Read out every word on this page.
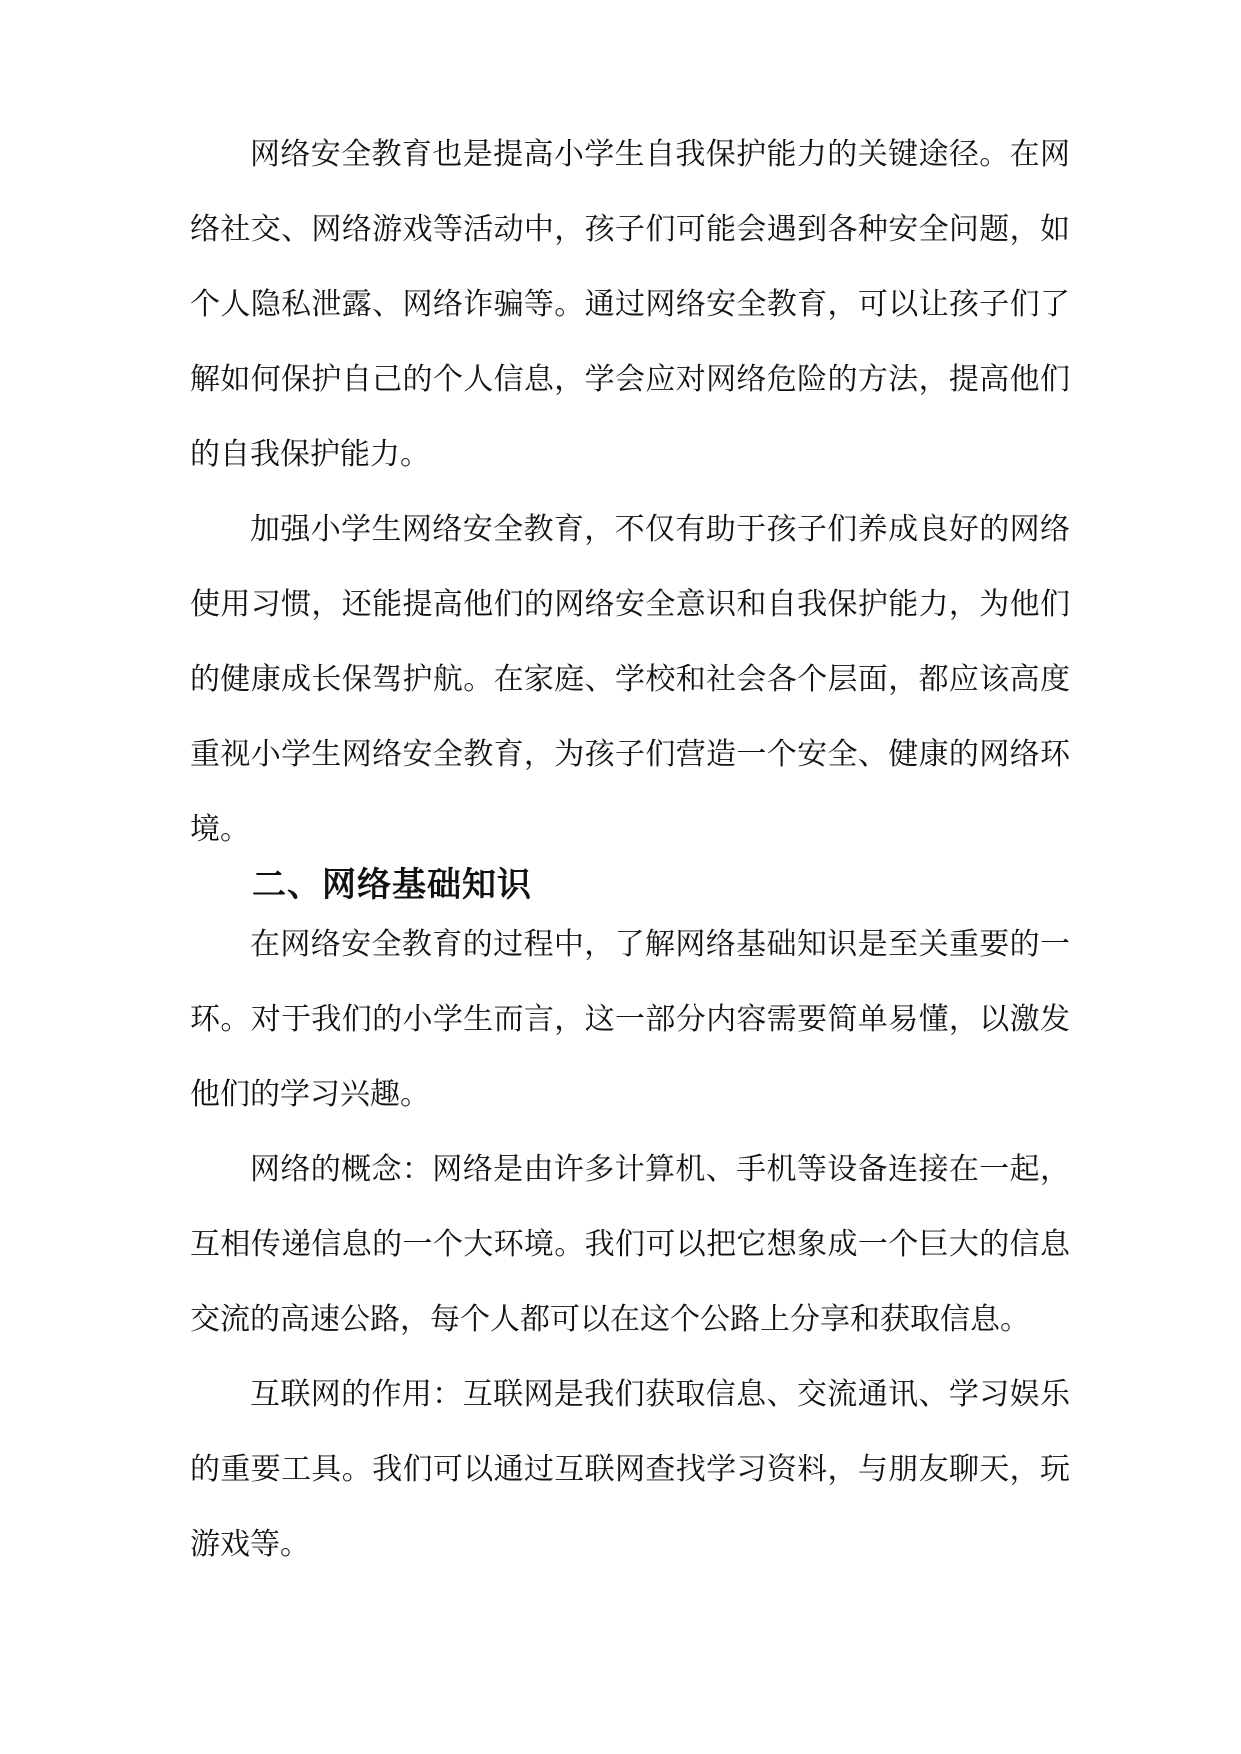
网络安全教育也是提高小学生自我保护能力的关键途径。在网络社交、网络游戏等活动中，孩子们可能会遇到各种安全问题，如个人隐私泄露、网络诈骗等。通过网络安全教育，可以让孩子们了解如何保护自己的个人信息，学会应对网络危险的方法，提高他们的自我保护能力。

加强小学生网络安全教育，不仅有助于孩子们养成良好的网络使用习惯，还能提高他们的网络安全意识和自我保护能力，为他们的健康成长保驾护航。在家庭、学校和社会各个层面，都应该高度重视小学生网络安全教育，为孩子们营造一个安全、健康的网络环境。

二、网络基础知识

在网络安全教育的过程中，了解网络基础知识是至关重要的一环。对于我们的小学生而言，这一部分内容需要简单易懂，以激发他们的学习兴趣。

网络的概念：网络是由许多计算机、手机等设备连接在一起，互相传递信息的一个大环境。我们可以把它想象成一个巨大的信息交流的高速公路，每个人都可以在这个公路上分享和获取信息。

互联网的作用：互联网是我们获取信息、交流通讯、学习娱乐的重要工具。我们可以通过互联网查找学习资料，与朋友聊天，玩游戏等。
